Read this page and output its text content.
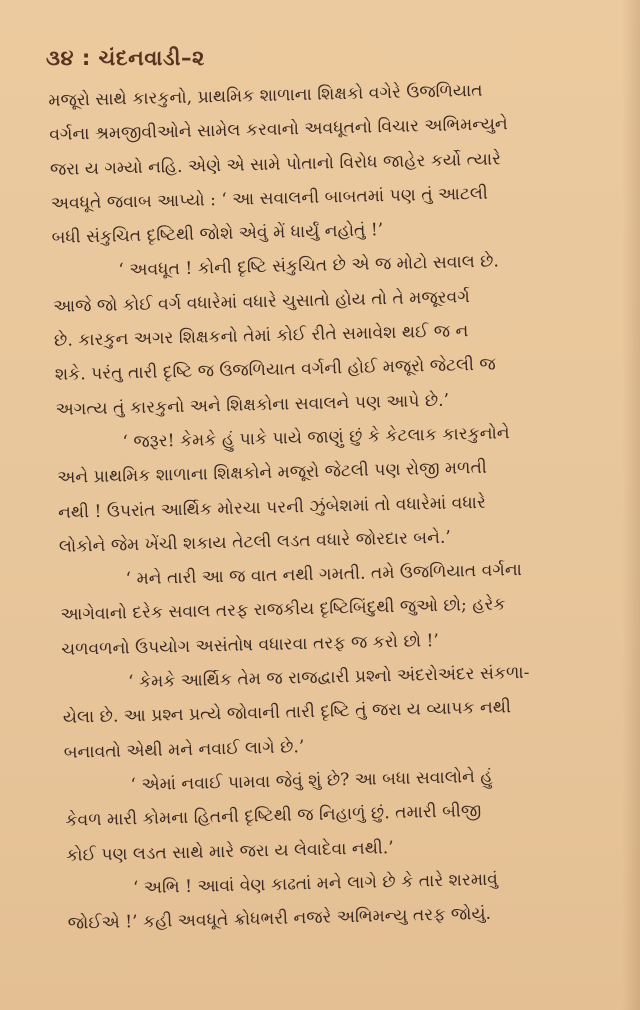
૩૪ : ચંદનવાડી–૨
મજૂરો સાથે કારકુનો, પ્રાથમિક શાળાના શિક્ષકો વગેરે ઉજળિયાત
વર્ગના શ્રમજીવીઓને સામેલ કરવાનો અવધૂતનો વિચાર અભિમન્યુને
જરા ય ગમ્યો નહિ. એણે એ સામે પોતાનો વિરોધ જાહેર કર્યો ત્યારે
અવધૂતે જવાબ આપ્યો : ‘ આ સવાલની બાબતમાં પણ તું આટલી
બધી સંકુચિત દૃષ્ટિથી જોશે એવું મેં ધાર્યું નહોતું !’
‘ અવધૂત ! કોની દૃષ્ટિ સંકુચિત છે એ જ મોટો સવાલ છે.
આજે જો કોઈ વર્ગ વધારેમાં વધારે ચુસાતો હોય તો તે મજૂરવર્ગ
છે. કારકુન અગર શિક્ષકનો તેમાં કોઈ રીતે સમાવેશ થઈ જ ન
શકે. પરંતુ તારી દૃષ્ટિ જ ઉજળિયાત વર્ગની હોઈ મજૂરો જેટલી જ
અગત્ય તું કારકુનો અને શિક્ષકોના સવાલને પણ આપે છે.’
‘ જરૂર! કેમકે હું પાકે પાયે જાણું છું કે કેટલાક કારકુનોને
અને પ્રાથમિક શાળાના શિક્ષકોને મજૂરો જેટલી પણ રોજી મળતી
નથી ! ઉપરાંત આર્થિક મોરચા પરની ઝુંબેશમાં તો વધારેમાં વધારે
લોકોને જેમ ખેંચી શકાય તેટલી લડત વધારે જોરદાર બને.’
‘ મને તારી આ જ વાત નથી ગમતી. તમે ઉજળિયાત વર્ગના
આગેવાનો દરેક સવાલ તરફ રાજકીય દૃષ્ટિબિંદુથી જુઓ છો; હરેક
ચળવળનો ઉપયોગ અસંતોષ વધારવા તરફ જ કરો છો !’
‘ કેમકે આર્થિક તેમ જ રાજદ્વારી પ્રશ્નો અંદરોઅંદર સંકળા-
યેલા છે. આ પ્રશ્ન પ્રત્યે જોવાની તારી દૃષ્ટિ તું જરા ય વ્યાપક નથી
બનાવતો એથી મને નવાઈ લાગે છે.’
‘ એમાં નવાઈ પામવા જેવું શું છે? આ બધા સવાલોને હું
કેવળ મારી કોમના હિતની દૃષ્ટિથી જ નિહાળું છું. તમારી બીજી
કોઈ પણ લડત સાથે મારે જરા ય લેવાદેવા નથી.’
‘ અભિ ! આવાં વેણ કાઢતાં મને લાગે છે કે તારે શરમાવું
જોઈએ !’ કહી અવધૂતે ક્રોધભરી નજરે અભિમન્યુ તરફ જોયું.
